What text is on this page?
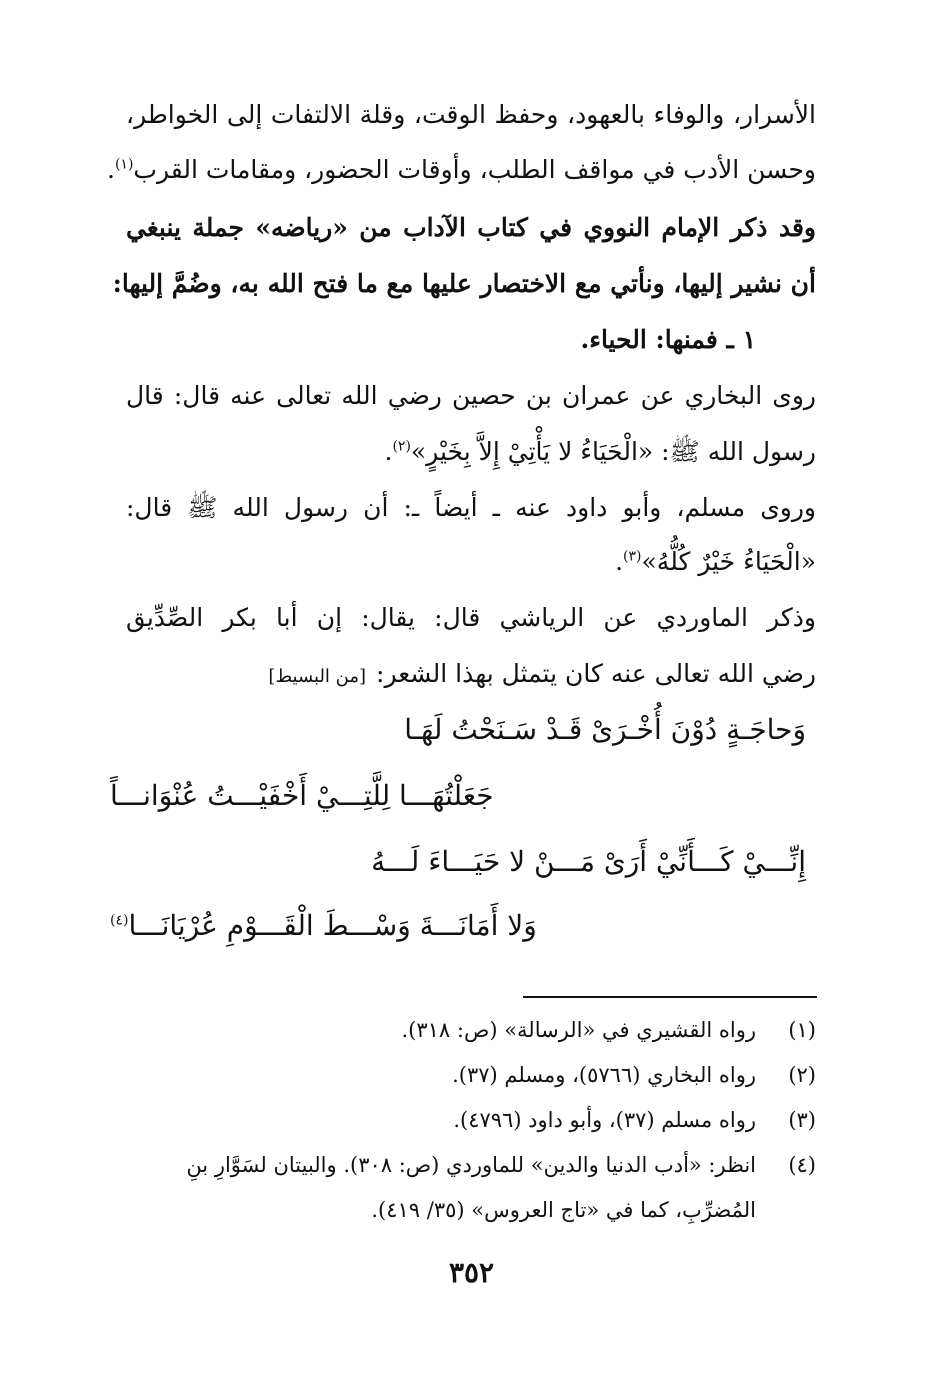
الأسرار، والوفاء بالعهود، وحفظ الوقت، وقلة الالتفات إلى الخواطر،
وحسن الأدب في مواقف الطلب، وأوقات الحضور، ومقامات القرب$^{(١)}$.
وقد ذكر الإمام النووي في كتاب الآداب من «رياضه» جملة ينبغي
أن نشير إليها، ونأتي مع الاختصار عليها مع ما فتح الله به، وضُمَّ إليها:
١ ـ فمنها: الحياء.
روى البخاري عن عمران بن حصين رضي الله تعالى عنه قال: قال
رسول الله ﷺ: «الْحَيَاءُ لا يَأْتِيْ إِلاَّ بِخَيْرٍ»$^{(٢)}$.
وروى مسلم، وأبو داود عنه ـ أيضاً ـ: أن رسول الله ﷺ قال:
«الْحَيَاءُ خَيْرٌ كُلُّهُ»$^{(٣)}$.
وذكر الماوردي عن الرياشي قال: يقال: إن أبا بكر الصِّدِّيق
رضي الله تعالى عنه كان يتمثل بهذا الشعر:[من البسيط]
وَحاجَـةٍ دُوْنَ أُخْـرَىْ قَـدْ سَـنَحْتُ لَهَـا
جَعَلْتُهَـــا لِلَّتِـــيْ أَخْفَيْـــتُ عُنْوَانـــاً
إِنِّـــيْ كَـــأَنِّيْ أَرَىْ مَـــنْ لا حَيَـــاءَ لَـــهُ
وَلا أَمَانَـــةَ وَسْـــطَ الْقَـــوْمِ عُرْيَانَـــا$^{(٤)}$
(١)رواه القشيري في «الرسالة» (ص: ٣١٨).
(٢)رواه البخاري (٥٧٦٦)، ومسلم (٣٧).
(٣)رواه مسلم (٣٧)، وأبو داود (٤٧٩٦).
(٤)انظر: «أدب الدنيا والدين» للماوردي (ص: ٣٠٨). والبيتان لسَوَّارِ بنِ
المُضرِّبِ، كما في «تاج العروس» (٣٥/ ٤١٩).
٣٥٢
